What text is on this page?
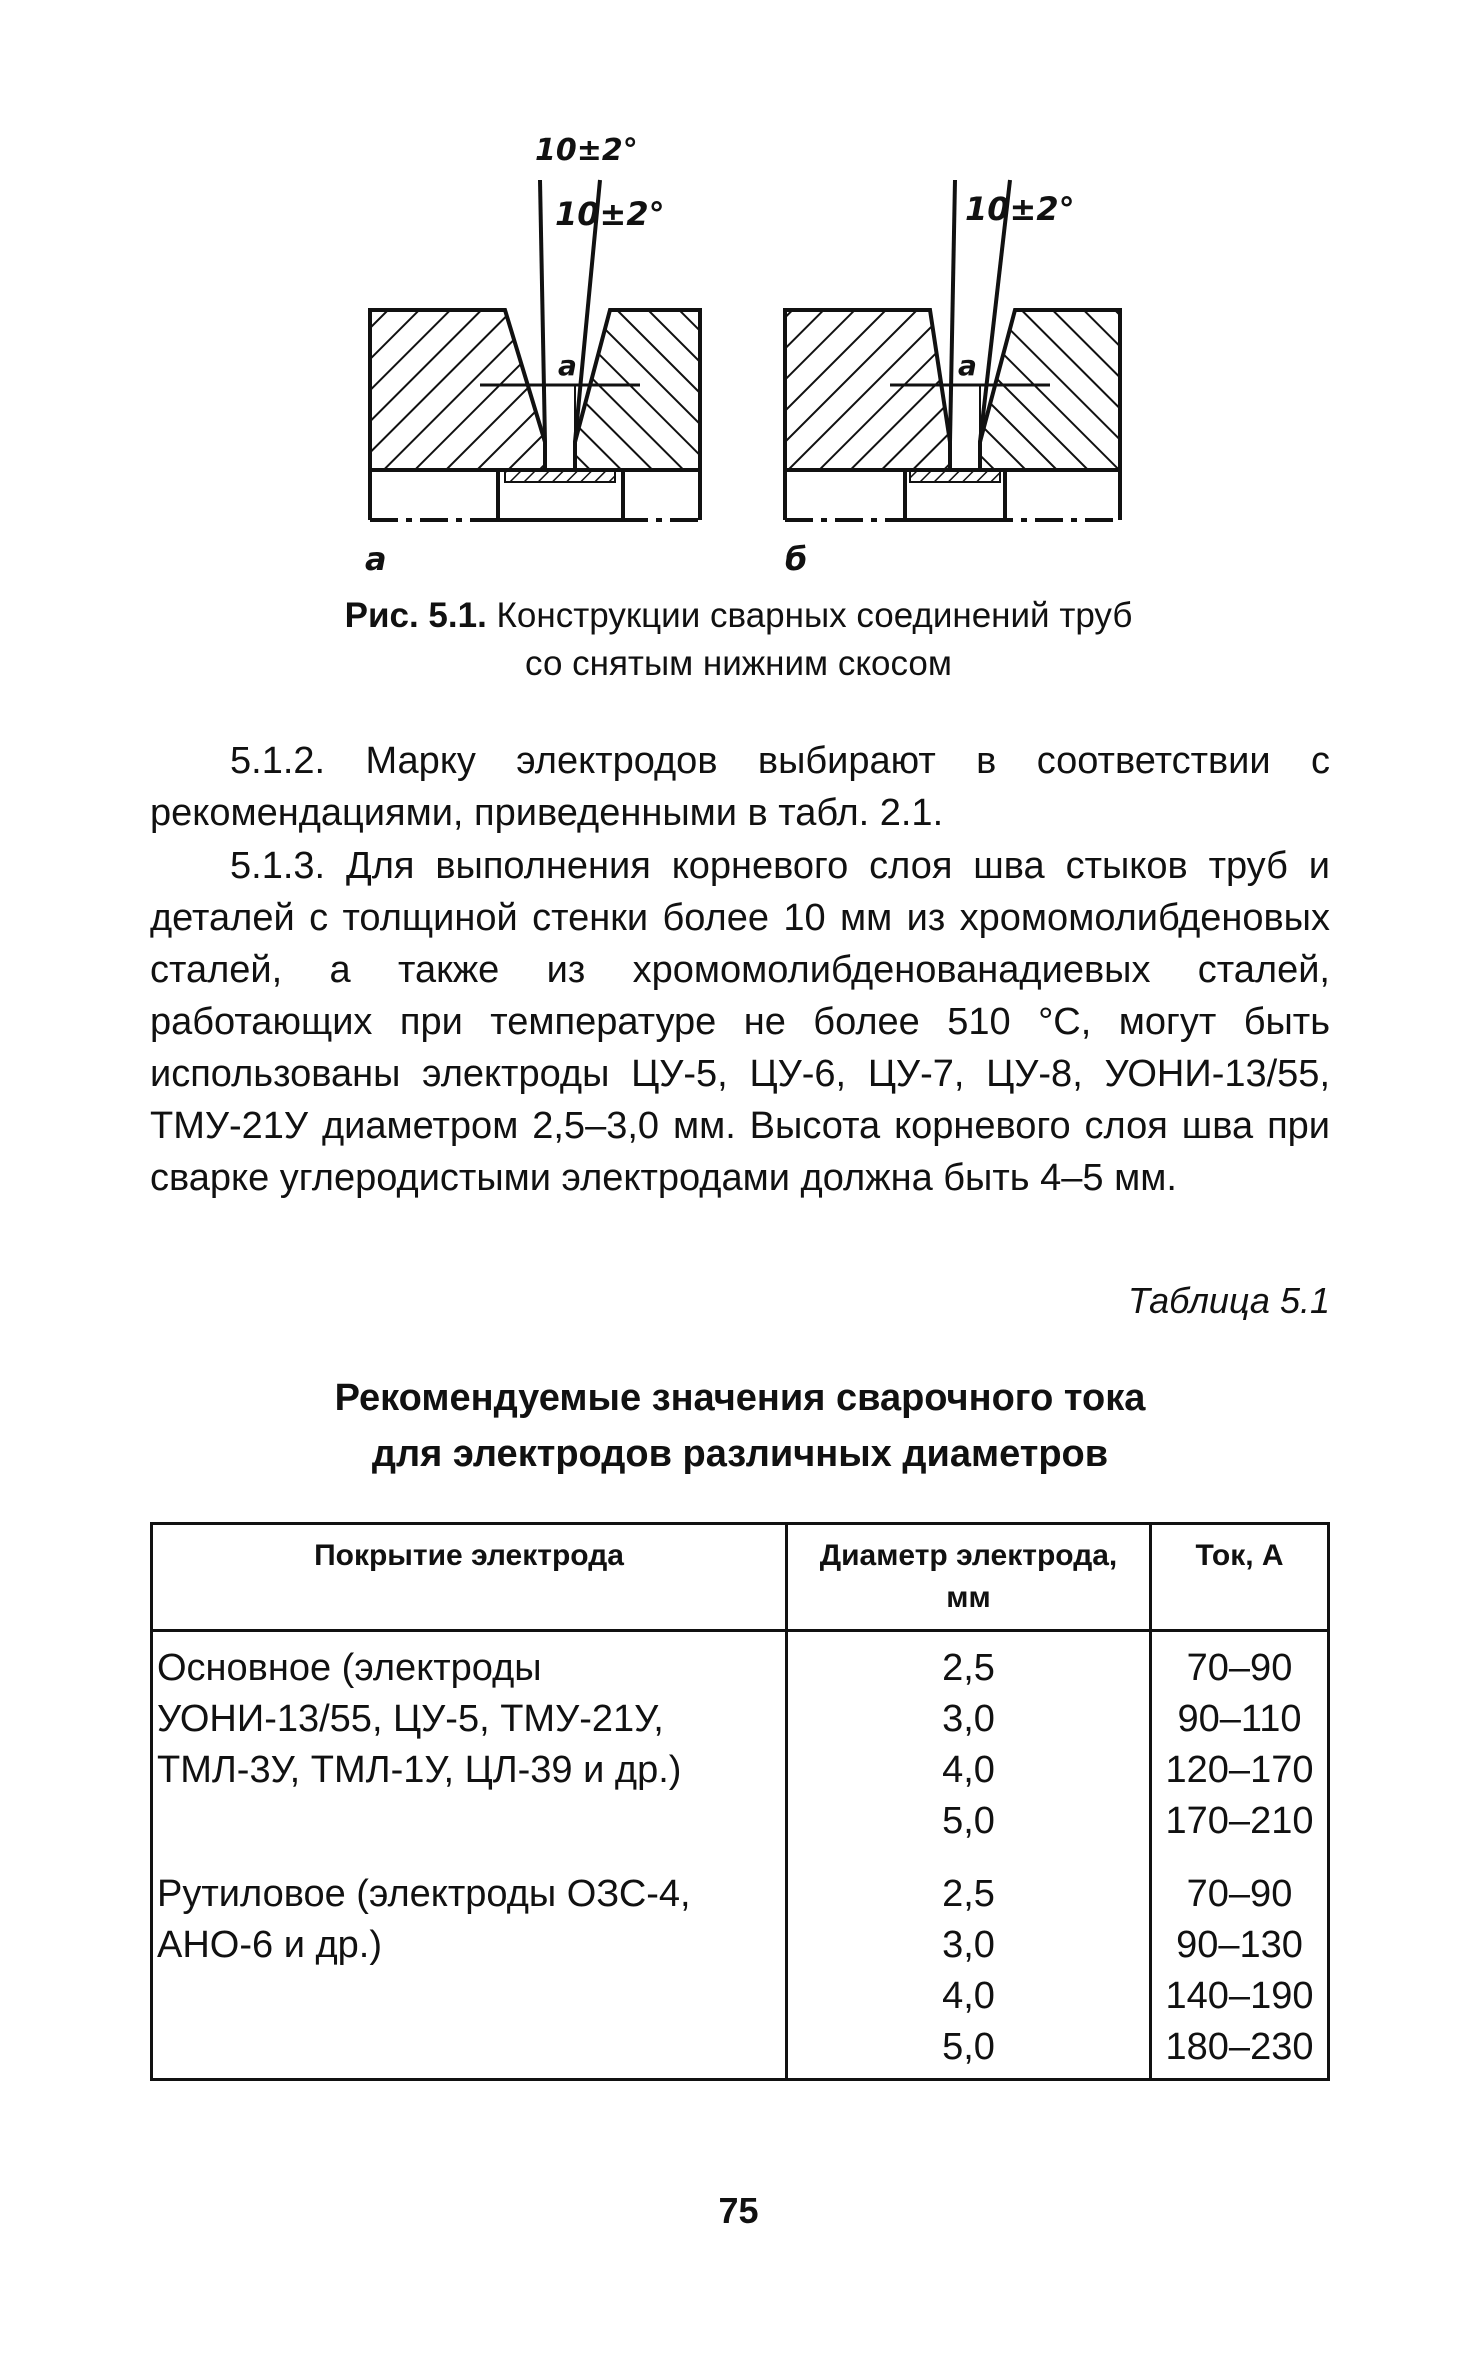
10±2°
a
а
a
б
10±2°	10±2°
Рис. 5.1. Конструкции сварных соединений труб
со снятым нижним скосом
5.1.2. Марку электродов выбирают в соответствии с рекомендациями, приведенными в табл. 2.1.
5.1.3. Для выполнения корневого слоя шва стыков труб и деталей с толщиной стенки более 10 мм из хромомолибденовых сталей, а также из хромомолибденованадиевых сталей, работающих при температуре не более 510 °С, могут быть использованы электроды ЦУ-5, ЦУ-6, ЦУ-7, ЦУ-8, УОНИ-13/55, ТМУ-21У диаметром 2,5–3,0 мм. Высота корневого слоя шва при сварке углеродистыми электродами должна быть 4–5 мм.
Таблица 5.1
Рекомендуемые значения сварочного тока
для электродов различных диаметров
Покрытие электрода	Диаметр электрода, мм	Ток, А
Основное (электроды	2,5	70–90
УОНИ-13/55, ЦУ-5, ТМУ-21У,	3,0	90–110
ТМЛ-3У, ТМЛ-1У, ЦЛ-39 и др.)	4,0	120–170
	5,0	170–210

Рутиловое (электроды ОЗС-4,	2,5	70–90
АНО-6 и др.)	3,0	90–130
	4,0	140–190
	5,0	180–230
75
